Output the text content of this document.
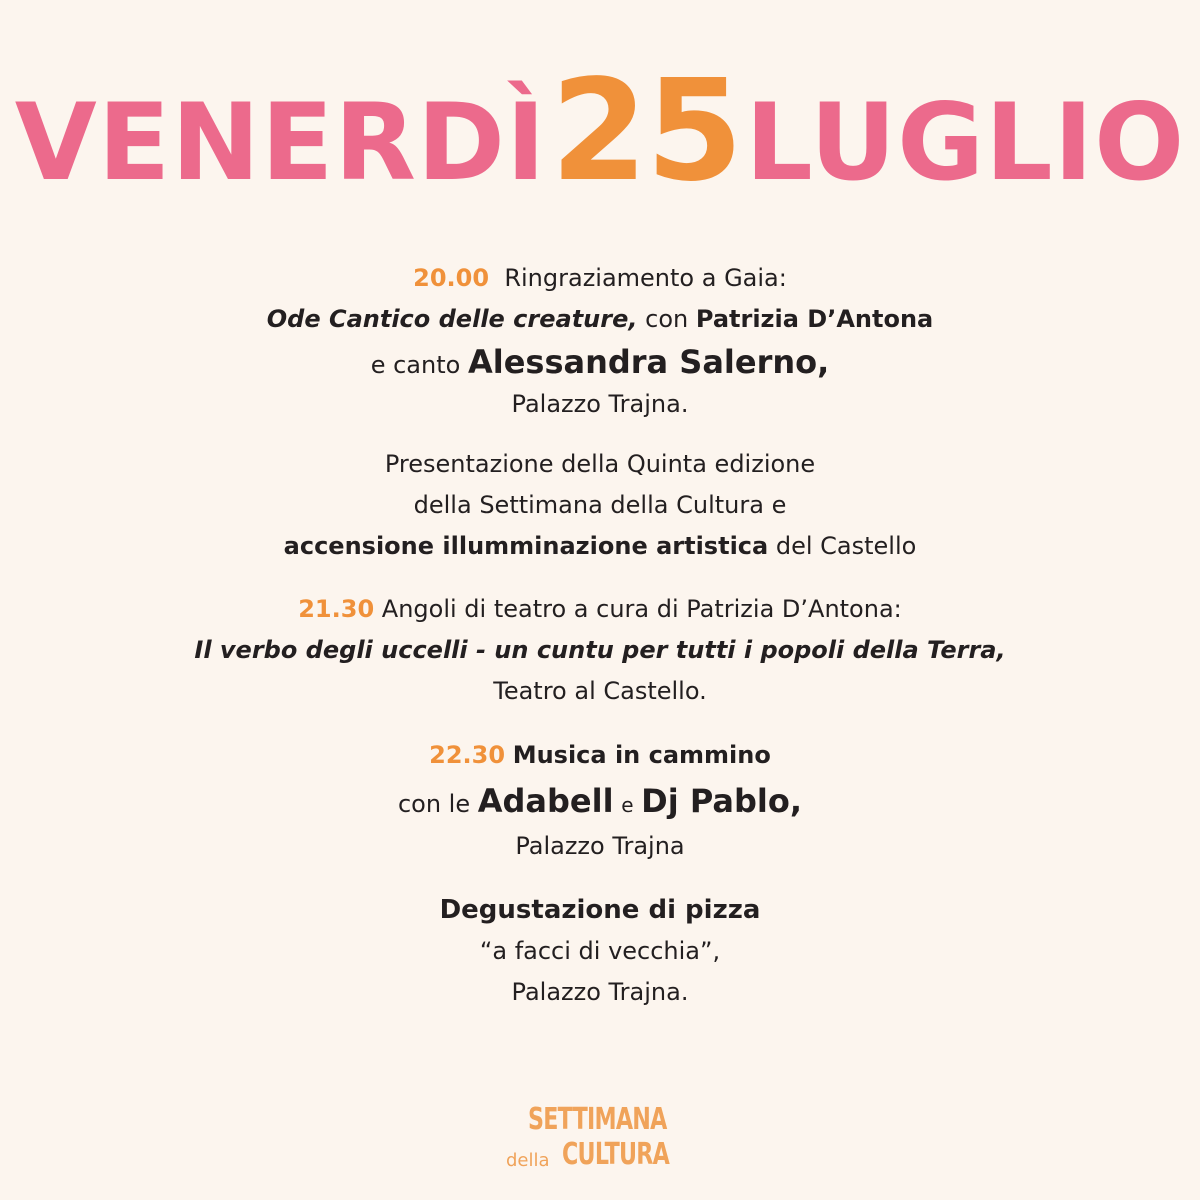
VENERDÌ25LUGLIO
20.00 Ringraziamento a Gaia:
Ode Cantico delle creature, con Patrizia D’Antona
e canto Alessandra Salerno,
Palazzo Trajna.
Presentazione della Quinta edizione
della Settimana della Cultura e
accensione illumminazione artistica del Castello
21.30 Angoli di teatro a cura di Patrizia D’Antona:
Il verbo degli uccelli - un cuntu per tutti i popoli della Terra,
Teatro al Castello.
22.30 Musica in cammino
con le Adabell e Dj Pablo,
Palazzo Trajna
Degustazione di pizza
“a facci di vecchia”,
Palazzo Trajna.
SETTIMANA
della CULTURA
